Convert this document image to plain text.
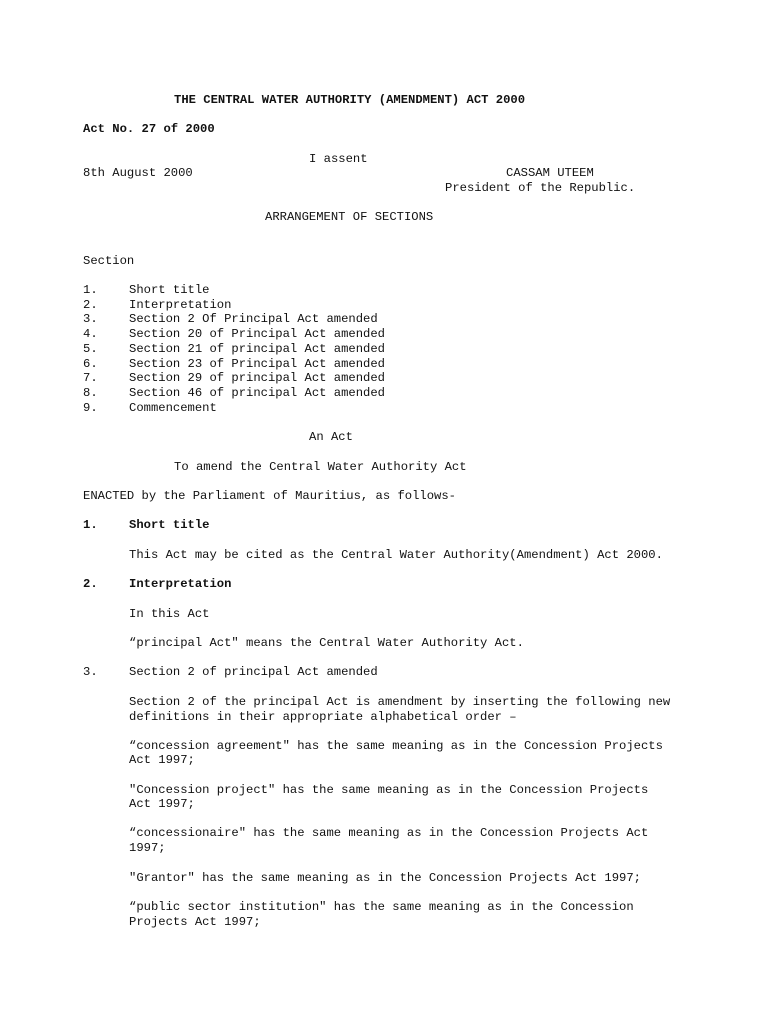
THE CENTRAL WATER AUTHORITY (AMENDMENT) ACT 2000
Act No. 27 of 2000
I assent
8th August 2000	CASSAM UTEEM
President of the Republic.
ARRANGEMENT OF SECTIONS
Section
1.	Short title
2.	Interpretation
3.	Section 2 Of Principal Act amended
4.	Section 20 of Principal Act amended
5.	Section 21 of principal Act amended
6.	Section 23 of Principal Act amended
7.	Section 29 of principal Act amended
8.	Section 46 of principal Act amended
9.	Commencement
An Act
To amend the Central Water Authority Act
ENACTED by the Parliament of Mauritius, as follows-
1.	Short title
This Act may be cited as the Central Water Authority(Amendment) Act 2000.
2.	Interpretation
In this Act
“principal Act" means the Central Water Authority Act.
3.	Section 2 of principal Act amended
Section 2 of the principal Act is amendment by inserting the following new
definitions in their appropriate alphabetical order –
“concession agreement" has the same meaning as in the Concession Projects
Act 1997;
"Concession project" has the same meaning as in the Concession Projects
Act 1997;
“concessionaire" has the same meaning as in the Concession Projects Act
1997;
"Grantor" has the same meaning as in the Concession Projects Act 1997;
“public sector institution" has the same meaning as in the Concession
Projects Act 1997;
